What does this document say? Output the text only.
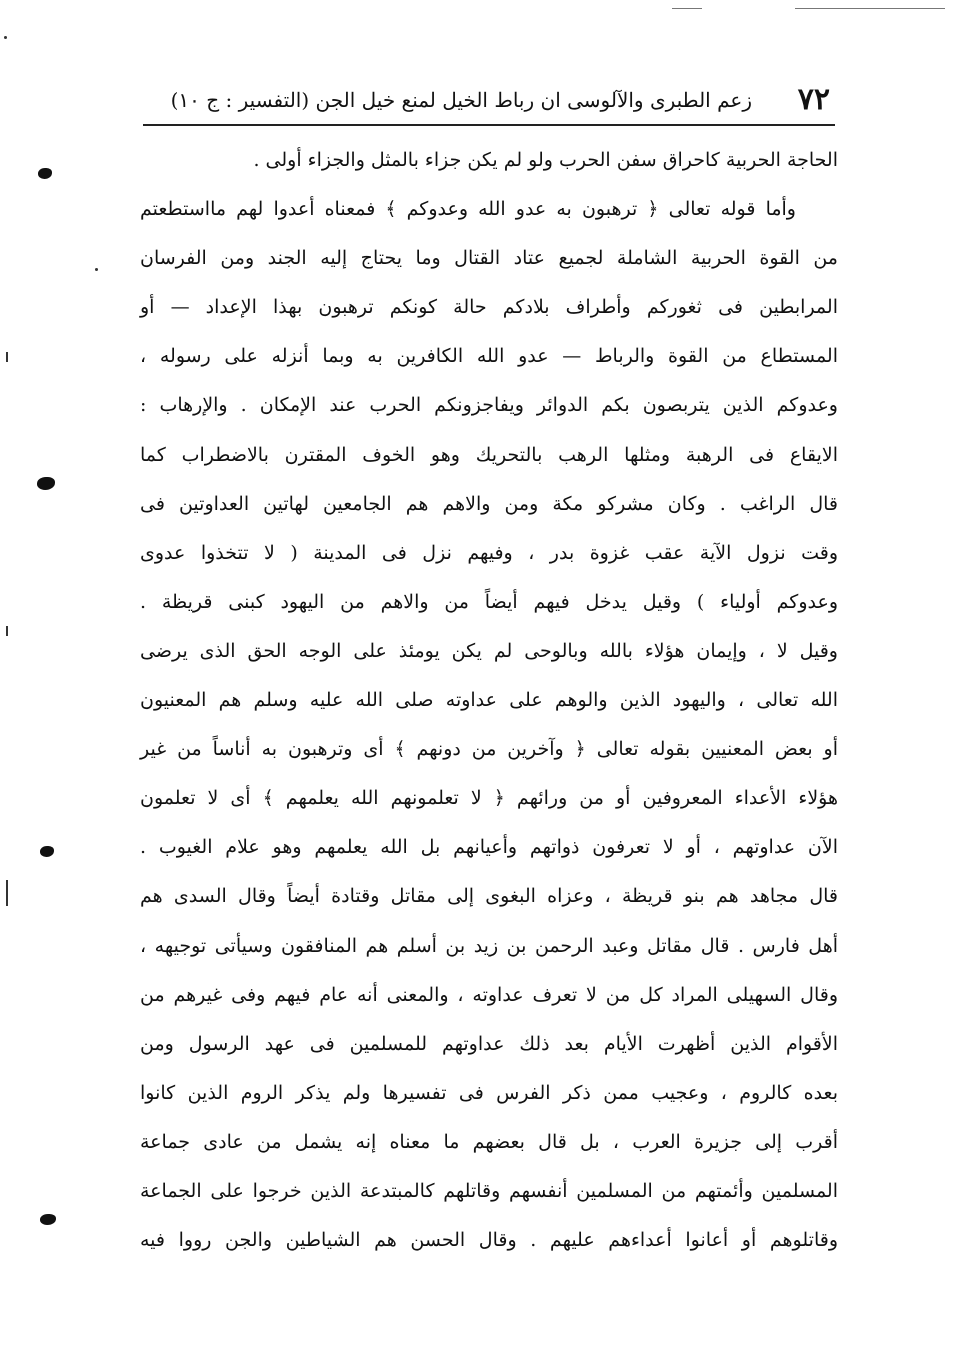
٧٢
زعم الطبرى والآلوسى ان رباط الخيل لمنع خيل الجن (التفسير : ج ١٠)
الحاجة الحربية كاحراق سفن الحرب ولو لم يكن جزاء بالمثل والجزاء أولى .
وأما قوله تعالى ﴿ ترهبون به عدو الله وعدوكم ﴾ فمعناه أعدوا لهم مااستطعتم
من القوة الحربية الشاملة لجميع عتاد القتال وما يحتاج إليه الجند ومن الفرسان
المرابطين فى ثغوركم وأطراف بلادكم حالة كونكم ترهبون بهذا الإعداد — أو
المستطاع من القوة والرباط — عدو الله الكافرين به وبما أنزله على رسوله ،
وعدوكم الذين يتربصون بكم الدوائر ويفاجزونكم الحرب عند الإمكان . والإرهاب :
الايقاع فى الرهبة ومثلها الرهب بالتحريك وهو الخوف المقترن بالاضطراب كما
قال الراغب . وكان مشركو مكة ومن والاهم هم الجامعين لهاتين العداوتين فى
وقت نزول الآية عقب غزوة بدر ، وفيهم نزل فى المدينة ( لا تتخذوا عدوى
وعدوكم أولياء ) وقيل يدخل فيهم أيضاً من والاهم من اليهود كبنى قريظة .
وقيل لا ، وإيمان هؤلاء بالله وبالوحى لم يكن يومئذ على الوجه الحق الذى يرضى
الله تعالى ، واليهود الذين والوهم على عداوته صلى الله عليه وسلم هم المعنيون
أو بعض المعنيين بقوله تعالى ﴿ وآخرين من دونهم ﴾ أى وترهبون به أناساً من غير
هؤلاء الأعداء المعروفين أو من ورائهم ﴿ لا تعلمونهم الله يعلمهم ﴾ أى لا تعلمون
الآن عداوتهم ، أو لا تعرفون ذواتهم وأعيانهم بل الله يعلمهم وهو علام الغيوب .
قال مجاهد هم بنو قريظة ، وعزاه البغوى إلى مقاتل وقتادة أيضاً وقال السدى هم
أهل فارس . قال مقاتل وعبد الرحمن بن زيد بن أسلم هم المنافقون وسيأتى توجيهه ،
وقال السهيلى المراد كل من لا تعرف عداوته ، والمعنى أنه عام فيهم وفى غيرهم من
الأقوام الذين أظهرت الأيام بعد ذلك عداوتهم للمسلمين فى عهد الرسول ومن
بعده كالروم ، وعجيب ممن ذكر الفرس فى تفسيرها ولم يذكر الروم الذين كانوا
أقرب إلى جزيرة العرب ، بل قال بعضهم ما معناه إنه يشمل من عادى جماعة
المسلمين وأئمتهم من المسلمين أنفسهم وقاتلهم كالمبتدعة الذين خرجوا على الجماعة
وقاتلوهم أو أعانوا أعداءهم عليهم . وقال الحسن هم الشياطين والجن رووا فيه
